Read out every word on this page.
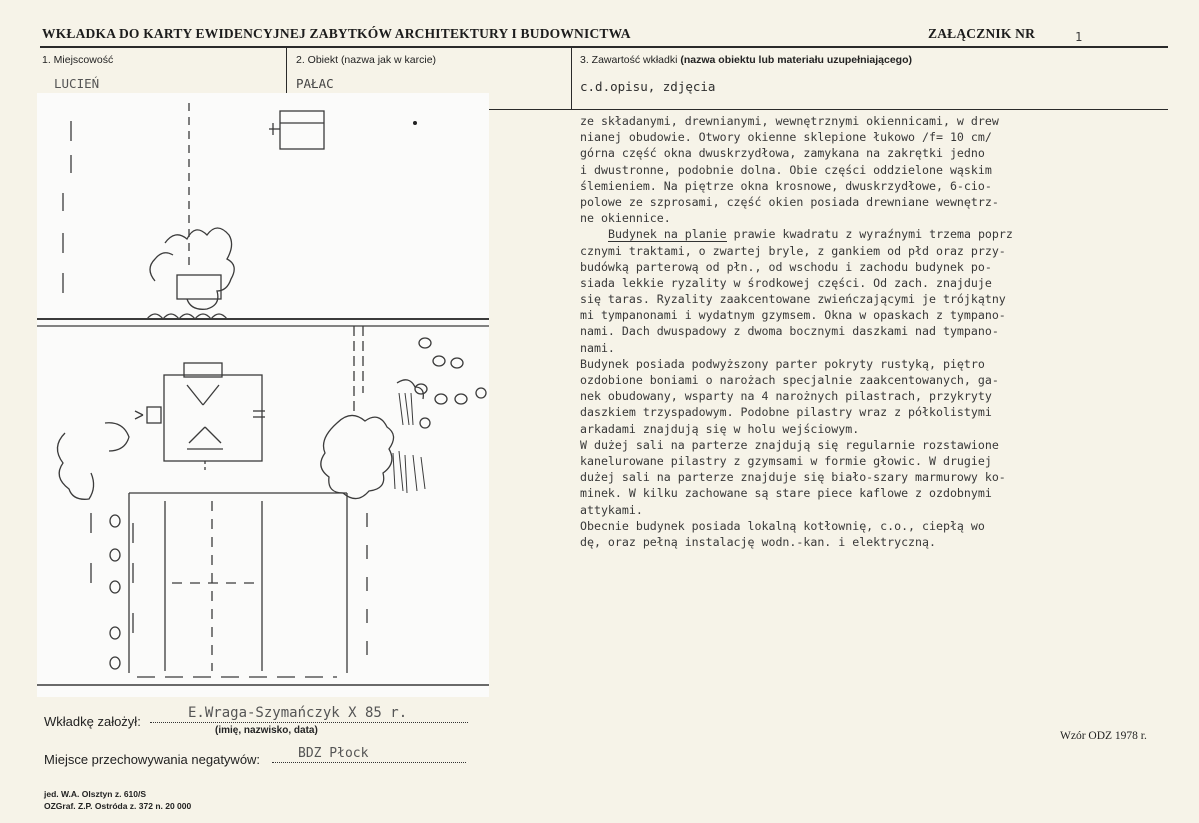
WKŁADKA DO KARTY EWIDENCYJNEJ ZABYTKÓW ARCHITEKTURY I BUDOWNICTWA	ZAŁĄCZNIK NR	1
1. Miejscowość	2. Obiekt (nazwa jak w karcie)	3. Zawartość wkładki (nazwa obiektu lub materiału uzupełniającego)
LUCIEŃ	PAŁAC	c.d.opisu, zdjęcia
ze składanymi, drewnianymi, wewnętrznymi okiennicami, w drew
nianej obudowie. Otwory okienne sklepione łukowo /f= 10 cm/
górna część okna dwuskrzydłowa, zamykana na zakrętki jedno
i dwustronne, podobnie dolna. Obie części oddzielone wąskim
ślemieniem. Na piętrze okna krosnowe, dwuskrzydłowe, 6-cio-
polowe ze szprosami, część okien posiada drewniane wewnętrz-
ne okiennice.
Budynek na planie prawie kwadratu z wyraźnymi trzema poprz
cznymi traktami, o zwartej bryle, z gankiem od płd oraz przy-
budówką parterową od płn., od wschodu i zachodu budynek po-
siada lekkie ryzality w środkowej części. Od zach. znajduje
się taras. Ryzality zaakcentowane zwieńczającymi je trójkątny
mi tympanonami i wydatnym gzymsem. Okna w opaskach z tympano-
nami. Dach dwuspadowy z dwoma bocznymi daszkami nad tympano-
nami.
Budynek posiada podwyższony parter pokryty rustyką, piętro
ozdobione boniami o narożach specjalnie zaakcentowanych, ga-
nek obudowany, wsparty na 4 narożnych pilastrach, przykryty
daszkiem trzyspadowym. Podobne pilastry wraz z półkolistymi
arkadami znajdują się w holu wejściowym.
W dużej sali na parterze znajdują się regularnie rozstawione
kanelurowane pilastry z gzymsami w formie głowic. W drugiej
dużej sali na parterze znajduje się biało-szary marmurowy ko-
minek. W kilku zachowane są stare piece kaflowe z ozdobnymi
attykami.
Obecnie budynek posiada lokalną kotłownię, c.o., ciepłą wo
dę, oraz pełną instalację wodn.-kan. i elektryczną.
Wkładkę założył:
E.Wraga-Szymańczyk X 85 r.
(imię, nazwisko, data)
Miejsce przechowywania negatywów:	BDZ Płock
Wzór ODZ 1978 r.
jed. W.A. Olsztyn z. 610/S
OZGraf. Z.P. Ostróda z. 372 n. 20 000
